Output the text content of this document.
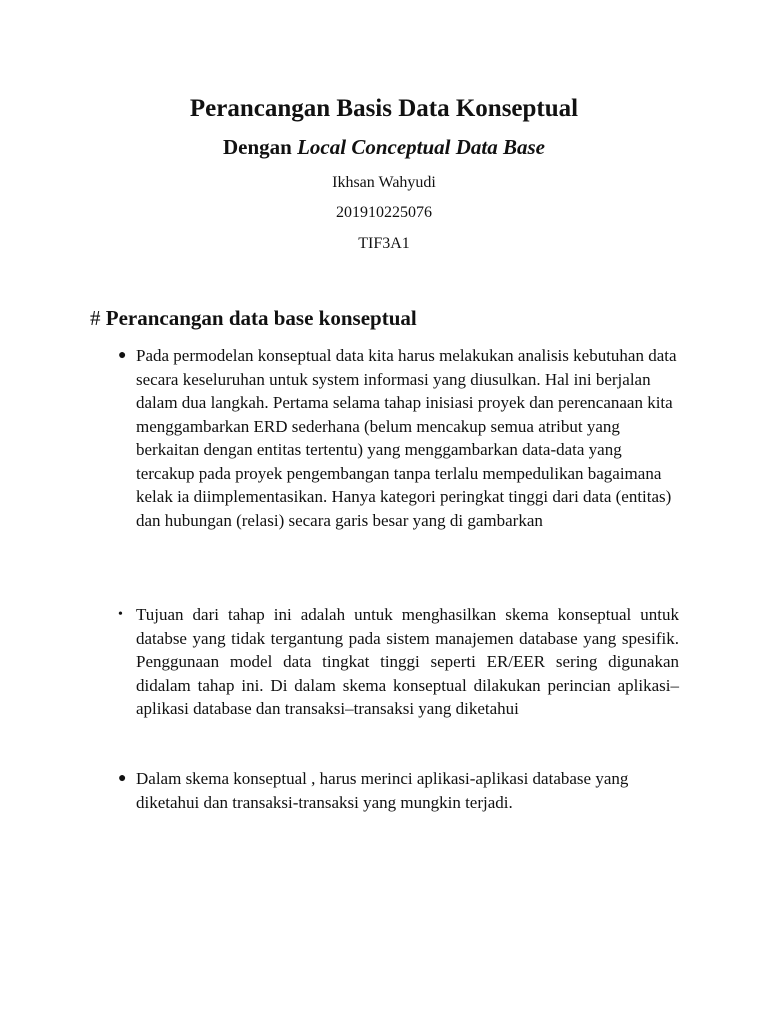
Perancangan Basis Data Konseptual
Dengan Local Conceptual Data Base
Ikhsan Wahyudi
201910225076
TIF3A1
# Perancangan data base konseptual
● Pada permodelan konseptual data kita harus melakukan analisis kebutuhan data secara keseluruhan untuk system informasi yang diusulkan. Hal ini berjalan dalam dua langkah. Pertama selama tahap inisiasi proyek dan perencanaan kita menggambarkan ERD sederhana (belum mencakup semua atribut yang berkaitan dengan entitas tertentu) yang menggambarkan data-data yang tercakup pada proyek pengembangan tanpa terlalu mempedulikan bagaimana kelak ia diimplementasikan. Hanya kategori peringkat tinggi dari data (entitas) dan hubungan (relasi) secara garis besar yang di gambarkan
• Tujuan dari tahap ini adalah untuk menghasilkan skema konseptual untuk databse yang tidak tergantung pada sistem manajemen database yang spesifik. Penggunaan model data tingkat tinggi seperti ER/EER sering digunakan didalam tahap ini. Di dalam skema konseptual dilakukan perincian aplikasi–aplikasi database dan transaksi–transaksi yang diketahui
● Dalam skema konseptual , harus merinci aplikasi-aplikasi database yang diketahui dan transaksi-transaksi yang mungkin terjadi.
